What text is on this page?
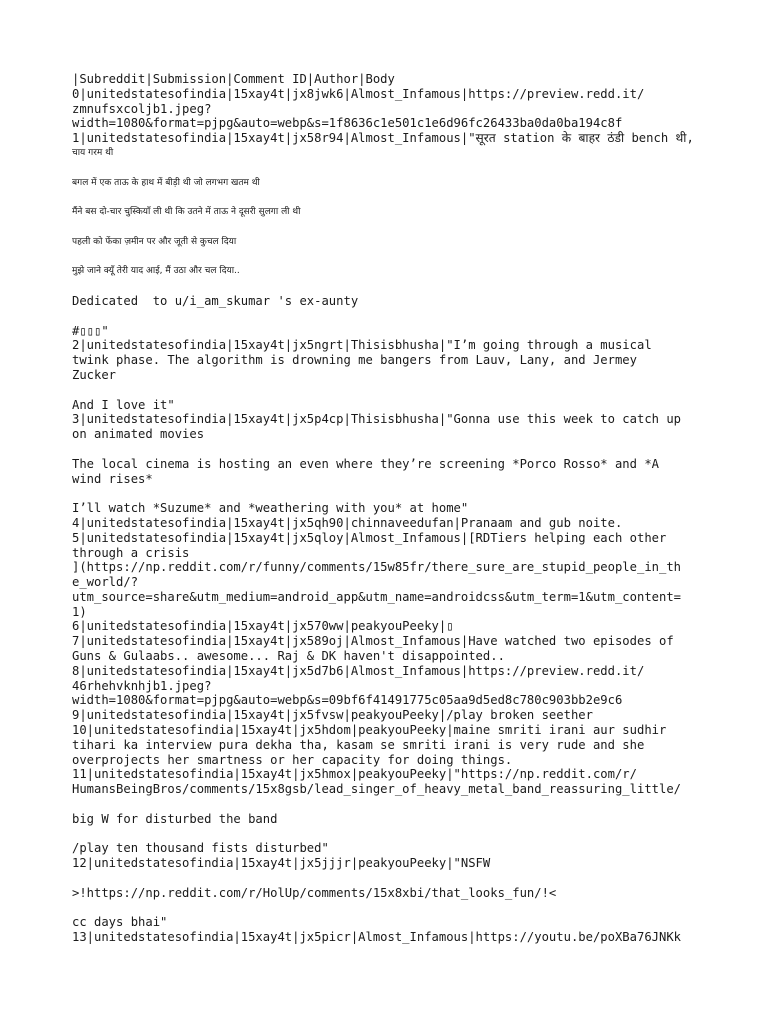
|Subreddit|Submission|Comment ID|Author|Body
0|unitedstatesofindia|15xay4t|jx8jwk6|Almost_Infamous|https://preview.redd.it/
zmnufsxcoljb1.jpeg?
width=1080&format=pjpg&auto=webp&s=1f8636c1e501c1e6d96fc26433ba0da0ba194c8f
1|unitedstatesofindia|15xay4t|jx58r94|Almost_Infamous|"सूरत station के बाहर ठंडी bench थी,
चाय गरम थी
बगल में एक ताऊ के हाथ में बीड़ी थी जो लगभग खतम थी
मैंने बस दो-चार चुस्कियाँ ली थी कि उतने में ताऊ ने दूसरी सुलगा ली थी
पहली को फेंका ज़मीन पर और जूती से कुचल दिया
मुझे जाने क्यूँ तेरी याद आई, मैं उठा और चल दिया..
Dedicated  to u/i_am_skumar 's ex-aunty
#▯▯▯"
2|unitedstatesofindia|15xay4t|jx5ngrt|Thisisbhusha|"I’m going through a musical
twink phase. The algorithm is drowning me bangers from Lauv, Lany, and Jermey
Zucker
And I love it"
3|unitedstatesofindia|15xay4t|jx5p4cp|Thisisbhusha|"Gonna use this week to catch up
on animated movies
The local cinema is hosting an even where they’re screening *Porco Rosso* and *A
wind rises*
I’ll watch *Suzume* and *weathering with you* at home"
4|unitedstatesofindia|15xay4t|jx5qh90|chinnaveedufan|Pranaam and gub noite.
5|unitedstatesofindia|15xay4t|jx5qloy|Almost_Infamous|[RDTiers helping each other
through a crisis
](https://np.reddit.com/r/funny/comments/15w85fr/there_sure_are_stupid_people_in_th
e_world/?
utm_source=share&utm_medium=android_app&utm_name=androidcss&utm_term=1&utm_content=
1)
6|unitedstatesofindia|15xay4t|jx570ww|peakyouPeeky|▯
7|unitedstatesofindia|15xay4t|jx589oj|Almost_Infamous|Have watched two episodes of
Guns & Gulaabs.. awesome... Raj & DK haven't disappointed..
8|unitedstatesofindia|15xay4t|jx5d7b6|Almost_Infamous|https://preview.redd.it/
46rhehvknhjb1.jpeg?
width=1080&format=pjpg&auto=webp&s=09bf6f41491775c05aa9d5ed8c780c903bb2e9c6
9|unitedstatesofindia|15xay4t|jx5fvsw|peakyouPeeky|/play broken seether
10|unitedstatesofindia|15xay4t|jx5hdom|peakyouPeeky|maine smriti irani aur sudhir
tihari ka interview pura dekha tha, kasam se smriti irani is very rude and she
overprojects her smartness or her capacity for doing things.
11|unitedstatesofindia|15xay4t|jx5hmox|peakyouPeeky|"https://np.reddit.com/r/
HumansBeingBros/comments/15x8gsb/lead_singer_of_heavy_metal_band_reassuring_little/
big W for disturbed the band
/play ten thousand fists disturbed"
12|unitedstatesofindia|15xay4t|jx5jjjr|peakyouPeeky|"NSFW
>!https://np.reddit.com/r/HolUp/comments/15x8xbi/that_looks_fun/!<
cc days bhai"
13|unitedstatesofindia|15xay4t|jx5picr|Almost_Infamous|https://youtu.be/poXBa76JNKk
